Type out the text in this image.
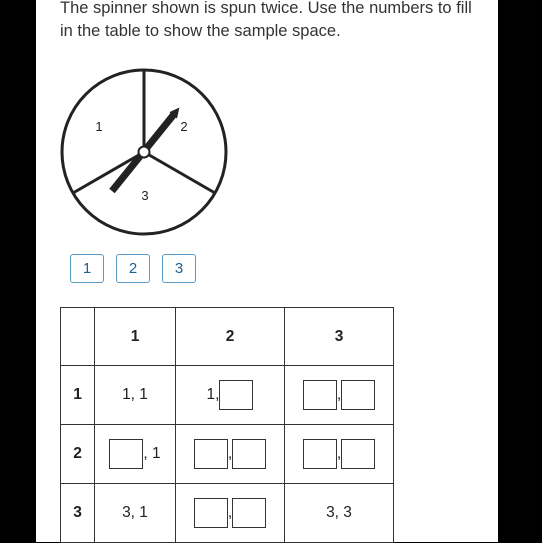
The spinner shown is spun twice. Use the numbers to fill in the table to show the sample space.

1	2
3
1	2	3
	1	2	3
1	1, 1	1,	,

2	, 1	,	,

3	3, 1	,	3, 3
